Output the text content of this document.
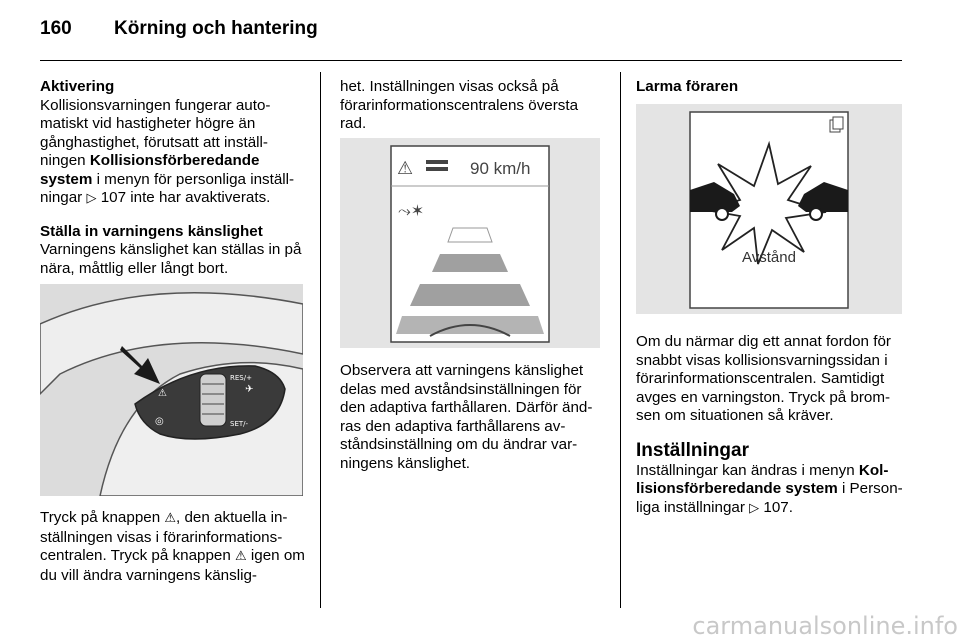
160 Körning och hantering

Aktivering
Kollisionsvarningen fungerar auto-matiskt vid hastigheter högre än gånghastighet, förutsatt att inställ-ningen Kollisionsförberedande system i menyn för personliga inställ-ningar ▷ 107 inte har avaktiverats.

Ställa in varningens känslighet
Varningens känslighet kan ställas in på nära, måttlig eller långt bort.

⚠
RES/+
◎
✈
SET/-

Tryck på knappen ⚠, den aktuella in-ställningen visas i förarinformations-centralen. Tryck på knappen ⚠ igen om du vill ändra varningens känslig-

het. Inställningen visas också på förarinformationscentralens översta rad.

⚠	90 km/h
⤳✶

Observera att varningens känslighet delas med avståndsinställningen för den adaptiva farthållaren. Därför änd-ras den adaptiva farthållarens av-ståndsinställning om du ändrar var-ningens känslighet.

Larma föraren

Avstånd

Om du närmar dig ett annat fordon för snabbt visas kollisionsvarningssidan i förarinformationscentralen. Samtidigt avges en varningston. Tryck på brom-sen om situationen så kräver.

Inställningar
Inställningar kan ändras i menyn Kol-lisionsförberedande system i Person-liga inställningar ▷ 107.

carmanualsonline.info
